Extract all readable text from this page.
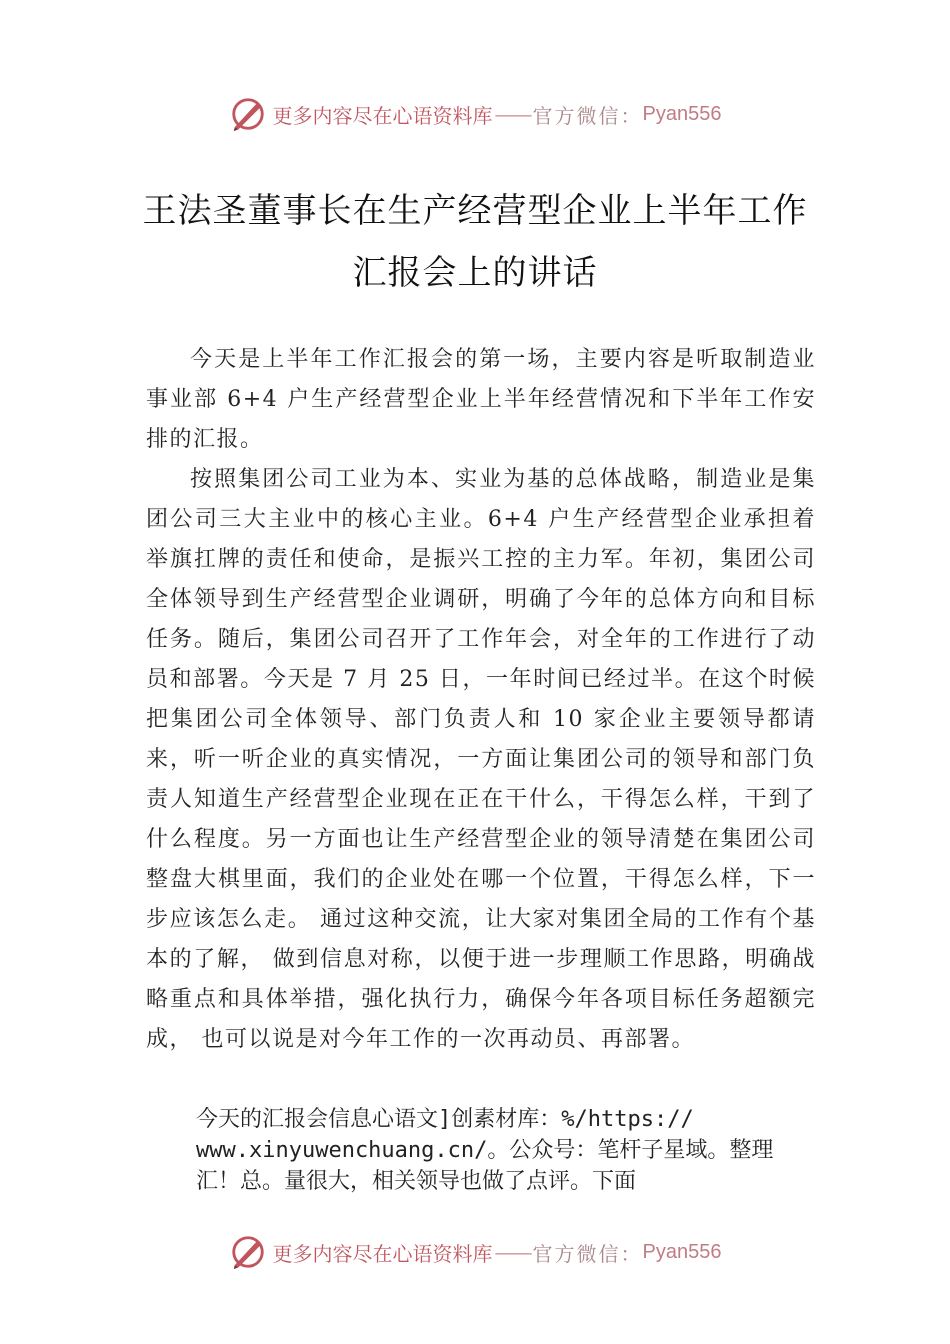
更多内容尽在心语资料库 —— 官方微信： Pyan556
王法圣董事长在生产经营型企业上半年工作汇报会上的讲话

今天是上半年工作汇报会的第一场，主要内容是听取制造业事业部 6+4 户生产经营型企业上半年经营情况和下半年工作安排的汇报。

按照集团公司工业为本、实业为基的总体战略，制造业是集团公司三大主业中的核心主业。6+4 户生产经营型企业承担着举旗扛牌的责任和使命，是振兴工控的主力军。年初，集团公司全体领导到生产经营型企业调研，明确了今年的总体方向和目标任务。随后，集团公司召开了工作年会，对全年的工作进行了动员和部署。今天是 7 月 25 日，一年时间已经过半。在这个时候把集团公司全体领导、部门负责人和 10 家企业主要领导都请来，听一听企业的真实情况，一方面让集团公司的领导和部门负责人知道生产经营型企业现在正在干什么，干得怎么样，干到了什么程度。另一方面也让生产经营型企业的领导清楚在集团公司整盘大棋里面，我们的企业处在哪一个位置，干得怎么样，下一步应该怎么走。 通过这种交流，让大家对集团全局的工作有个基本的了解， 做到信息对称，以便于进一步理顺工作思路，明确战略重点和具体举措，强化执行力，确保今年各项目标任务超额完成， 也可以说是对今年工作的一次再动员、再部署。

今天的汇报会信息心语文]创素材库：%/https://
www.xinyuwenchuang.cn/。公众号：笔杆子星域。整理
汇！总。量很大，相关领导也做了点评。下面
更多内容尽在心语资料库 —— 官方微信： Pyan556
